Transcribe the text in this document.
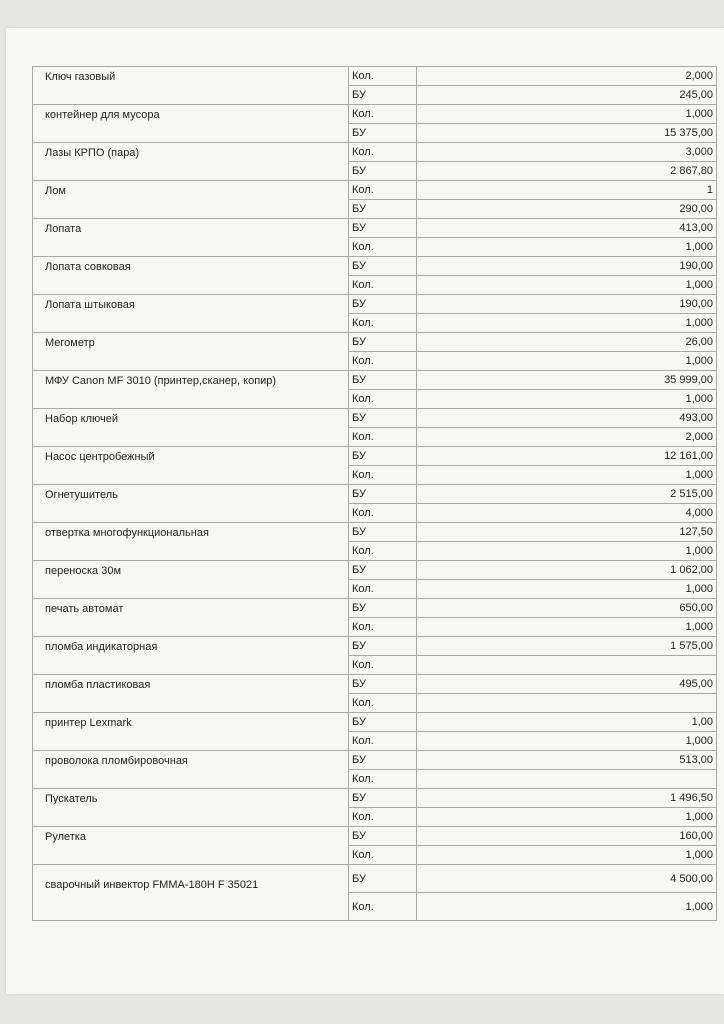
Ключ газовый	Кол.	2,000
	БУ	245,00
контейнер для мусора	Кол.	1,000
	БУ	15 375,00
Лазы КРПО (пара)	Кол.	3,000
	БУ	2 867,80
Лом	Кол.	1
	БУ	290,00
Лопата	БУ	413,00
	Кол.	1,000
Лопата совковая	БУ	190,00
	Кол.	1,000
Лопата штыковая	БУ	190,00
	Кол.	1,000
Мегометр	БУ	26,00
	Кол.	1,000
МФУ Canon MF 3010 (принтер,сканер, копир)	БУ	35 999,00
	Кол.	1,000
Набор ключей	БУ	493,00
	Кол.	2,000
Насос центробежный	БУ	12 161,00
	Кол.	1,000
Огнетушитель	БУ	2 515,00
	Кол.	4,000
отвертка многофункциональная	БУ	127,50
	Кол.	1,000
переноска 30м	БУ	1 062,00
	Кол.	1,000
печать автомат	БУ	650,00
	Кол.	1,000
пломба индикаторная	БУ	1 575,00
	Кол.	
пломба пластиковая	БУ	495,00
	Кол.	
принтер Lexmark	БУ	1,00
	Кол.	1,000
проволока пломбировочная	БУ	513,00
	Кол.	
Пускатель	БУ	1 496,50
	Кол.	1,000
Рулетка	БУ	160,00
	Кол.	1,000
сварочный инвектор FMMA-180H F 35021	БУ	4 500,00
	Кол.	1,000
